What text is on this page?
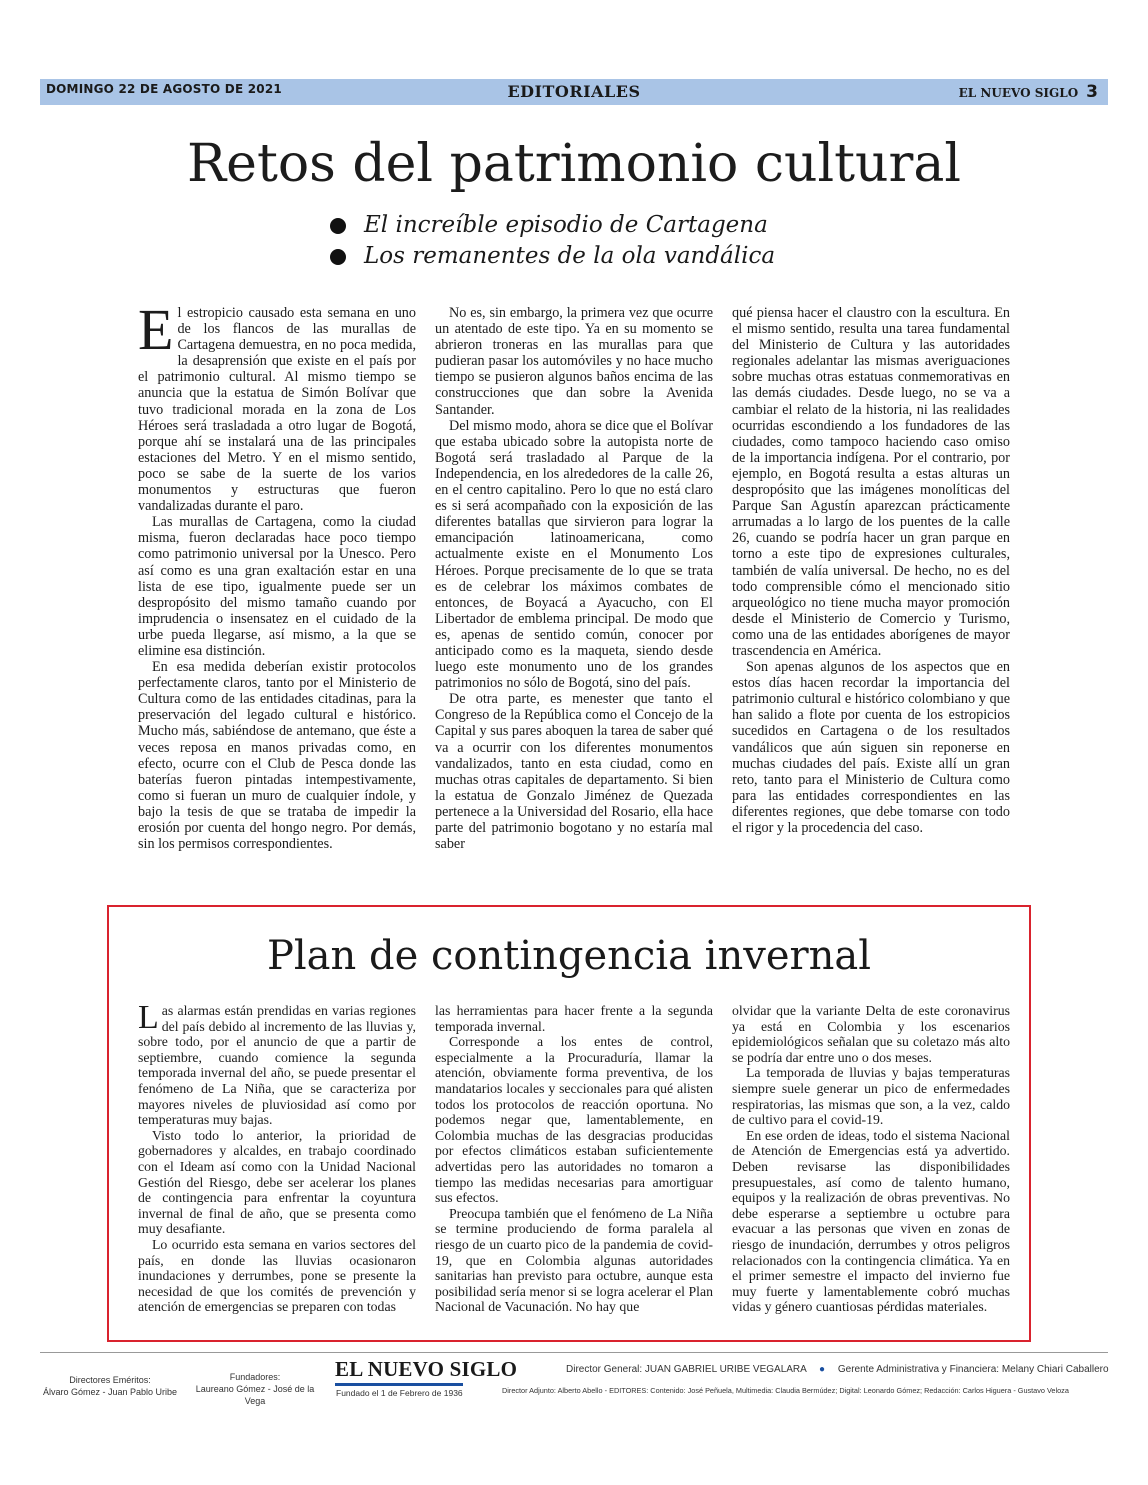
DOMINGO 22 DE AGOSTO DE 2021	EDITORIALES	EL NUEVO SIGLO 3
Retos del patrimonio cultural
El increíble episodio de Cartagena
Los remanentes de la ola vandálica

El estropicio causado esta semana en uno de los flancos de las murallas de Cartagena demuestra, en no poca medida, la desaprensión que existe en el país por el patrimonio cultural. Al mismo tiempo se anuncia que la estatua de Simón Bolívar que tuvo tradicional morada en la zona de Los Héroes será trasladada a otro lugar de Bogotá, porque ahí se instalará una de las principales estaciones del Metro. Y en el mismo sentido, poco se sabe de la suerte de los varios monumentos y estructuras que fueron vandalizadas durante el paro.

Las murallas de Cartagena, como la ciudad misma, fueron declaradas hace poco tiempo como patrimonio universal por la Unesco. Pero así como es una gran exaltación estar en una lista de ese tipo, igualmente puede ser un despropósito del mismo tamaño cuando por imprudencia o insensatez en el cuidado de la urbe pueda llegarse, así mismo, a la que se elimine esa distinción.

En esa medida deberían existir protocolos perfectamente claros, tanto por el Ministerio de Cultura como de las entidades citadinas, para la preservación del legado cultural e histórico. Mucho más, sabiéndose de antemano, que éste a veces reposa en manos privadas como, en efecto, ocurre con el Club de Pesca donde las baterías fueron pintadas intempestivamente, como si fueran un muro de cualquier índole, y bajo la tesis de que se trataba de impedir la erosión por cuenta del hongo negro. Por demás, sin los permisos correspondientes.

No es, sin embargo, la primera vez que ocurre un atentado de este tipo. Ya en su momento se abrieron troneras en las murallas para que pudieran pasar los automóviles y no hace mucho tiempo se pusieron algunos baños encima de las construcciones que dan sobre la Avenida Santander.

Del mismo modo, ahora se dice que el Bolívar que estaba ubicado sobre la autopista norte de Bogotá será trasladado al Parque de la Independencia, en los alrededores de la calle 26, en el centro capitalino. Pero lo que no está claro es si será acompañado con la exposición de las diferentes batallas que sirvieron para lograr la emancipación latinoamericana, como actualmente existe en el Monumento Los Héroes. Porque precisamente de lo que se trata es de celebrar los máximos combates de entonces, de Boyacá a Ayacucho, con El Libertador de emblema principal. De modo que es, apenas de sentido común, conocer por anticipado como es la maqueta, siendo desde luego este monumento uno de los grandes patrimonios no sólo de Bogotá, sino del país.

De otra parte, es menester que tanto el Congreso de la República como el Concejo de la Capital y sus pares aboquen la tarea de saber qué va a ocurrir con los diferentes monumentos vandalizados, tanto en esta ciudad, como en muchas otras capitales de departamento. Si bien la estatua de Gonzalo Jiménez de Quezada pertenece a la Universidad del Rosario, ella hace parte del patrimonio bogotano y no estaría mal saber

qué piensa hacer el claustro con la escultura. En el mismo sentido, resulta una tarea fundamental del Ministerio de Cultura y las autoridades regionales adelantar las mismas averiguaciones sobre muchas otras estatuas conmemorativas en las demás ciudades. Desde luego, no se va a cambiar el relato de la historia, ni las realidades ocurridas escondiendo a los fundadores de las ciudades, como tampoco haciendo caso omiso de la importancia indígena. Por el contrario, por ejemplo, en Bogotá resulta a estas alturas un despropósito que las imágenes monolíticas del Parque San Agustín aparezcan prácticamente arrumadas a lo largo de los puentes de la calle 26, cuando se podría hacer un gran parque en torno a este tipo de expresiones culturales, también de valía universal. De hecho, no es del todo comprensible cómo el mencionado sitio arqueológico no tiene mucha mayor promoción desde el Ministerio de Comercio y Turismo, como una de las entidades aborígenes de mayor trascendencia en América.

Son apenas algunos de los aspectos que en estos días hacen recordar la importancia del patrimonio cultural e histórico colombiano y que han salido a flote por cuenta de los estropicios sucedidos en Cartagena o de los resultados vandálicos que aún siguen sin reponerse en muchas ciudades del país. Existe allí un gran reto, tanto para el Ministerio de Cultura como para las entidades correspondientes en las diferentes regiones, que debe tomarse con todo el rigor y la procedencia del caso.

Plan de contingencia invernal

Las alarmas están prendidas en varias regiones del país debido al incremento de las lluvias y, sobre todo, por el anuncio de que a partir de septiembre, cuando comience la segunda temporada invernal del año, se puede presentar el fenómeno de La Niña, que se caracteriza por mayores niveles de pluviosidad así como por temperaturas muy bajas.

Visto todo lo anterior, la prioridad de gobernadores y alcaldes, en trabajo coordinado con el Ideam así como con la Unidad Nacional Gestión del Riesgo, debe ser acelerar los planes de contingencia para enfrentar la coyuntura invernal de final de año, que se presenta como muy desafiante.

Lo ocurrido esta semana en varios sectores del país, en donde las lluvias ocasionaron inundaciones y derrumbes, pone se presente la necesidad de que los comités de prevención y atención de emergencias se preparen con todas

las herramientas para hacer frente a la segunda temporada invernal.

Corresponde a los entes de control, especialmente a la Procuraduría, llamar la atención, obviamente forma preventiva, de los mandatarios locales y seccionales para qué alisten todos los protocolos de reacción oportuna. No podemos negar que, lamentablemente, en Colombia muchas de las desgracias producidas por efectos climáticos estaban suficientemente advertidas pero las autoridades no tomaron a tiempo las medidas necesarias para amortiguar sus efectos.

Preocupa también que el fenómeno de La Niña se termine produciendo de forma paralela al riesgo de un cuarto pico de la pandemia de covid-19, que en Colombia algunas autoridades sanitarias han previsto para octubre, aunque esta posibilidad sería menor si se logra acelerar el Plan Nacional de Vacunación. No hay que

olvidar que la variante Delta de este coronavirus ya está en Colombia y los escenarios epidemiológicos señalan que su coletazo más alto se podría dar entre uno o dos meses.

La temporada de lluvias y bajas temperaturas siempre suele generar un pico de enfermedades respiratorias, las mismas que son, a la vez, caldo de cultivo para el covid-19.

En ese orden de ideas, todo el sistema Nacional de Atención de Emergencias está ya advertido. Deben revisarse las disponibilidades presupuestales, así como de talento humano, equipos y la realización de obras preventivas. No debe esperarse a septiembre u octubre para evacuar a las personas que viven en zonas de riesgo de inundación, derrumbes y otros peligros relacionados con la contingencia climática. Ya en el primer semestre el impacto del invierno fue muy fuerte y lamentablemente cobró muchas vidas y género cuantiosas pérdidas materiales.

Directores Eméritos:
Álvaro Gómez - Juan Pablo Uribe
Fundadores:
Laureano Gómez - José de la Vega
EL NUEVO SIGLO
Fundado el 1 de Febrero de 1936
Director General: JUAN GABRIEL URIBE VEGALARA ● Gerente Administrativa y Financiera: Melany Chiari Caballero
Director Adjunto: Alberto Abello - EDITORES: Contenido: José Peñuela, Multimedia: Claudia Bermúdez; Digital: Leonardo Gómez; Redacción: Carlos Higuera - Gustavo Veloza
